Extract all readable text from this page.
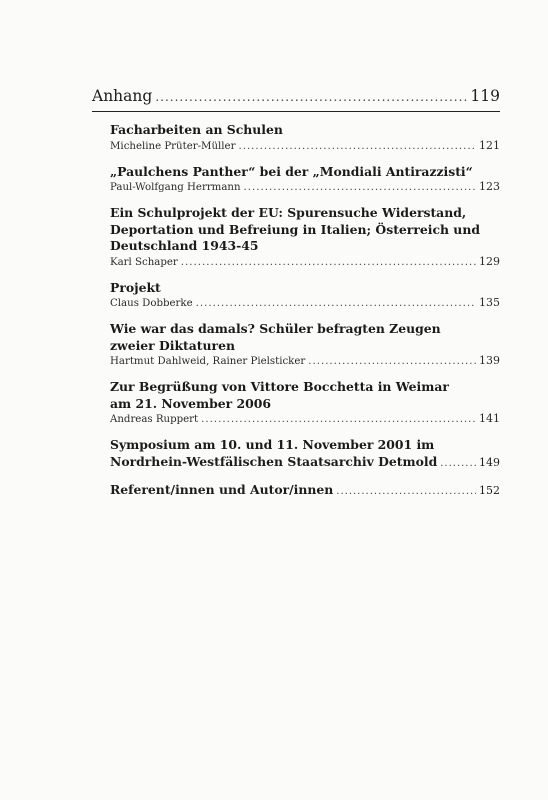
Anhang .....	119
Facharbeiten an Schulen
Micheline Prüter-Müller .....	121
„Paulchens Panther“ bei der „Mondiali Antirazzisti“
Paul-Wolfgang Herrmann .....	123
Ein Schulprojekt der EU: Spurensuche Widerstand,
Deportation und Befreiung in Italien; Österreich und
Deutschland 1943-45
Karl Schaper .....	129
Projekt
Claus Dobberke .....	135
Wie war das damals? Schüler befragten Zeugen
zweier Diktaturen
Hartmut Dahlweid, Rainer Pielsticker .....	139
Zur Begrüßung von Vittore Bocchetta in Weimar
am 21. November 2006
Andreas Ruppert .....	141
Symposium am 10. und 11. November 2001 im
Nordrhein-Westfälischen Staatsarchiv Detmold .....	149
Referent/innen und Autor/innen .....	152
